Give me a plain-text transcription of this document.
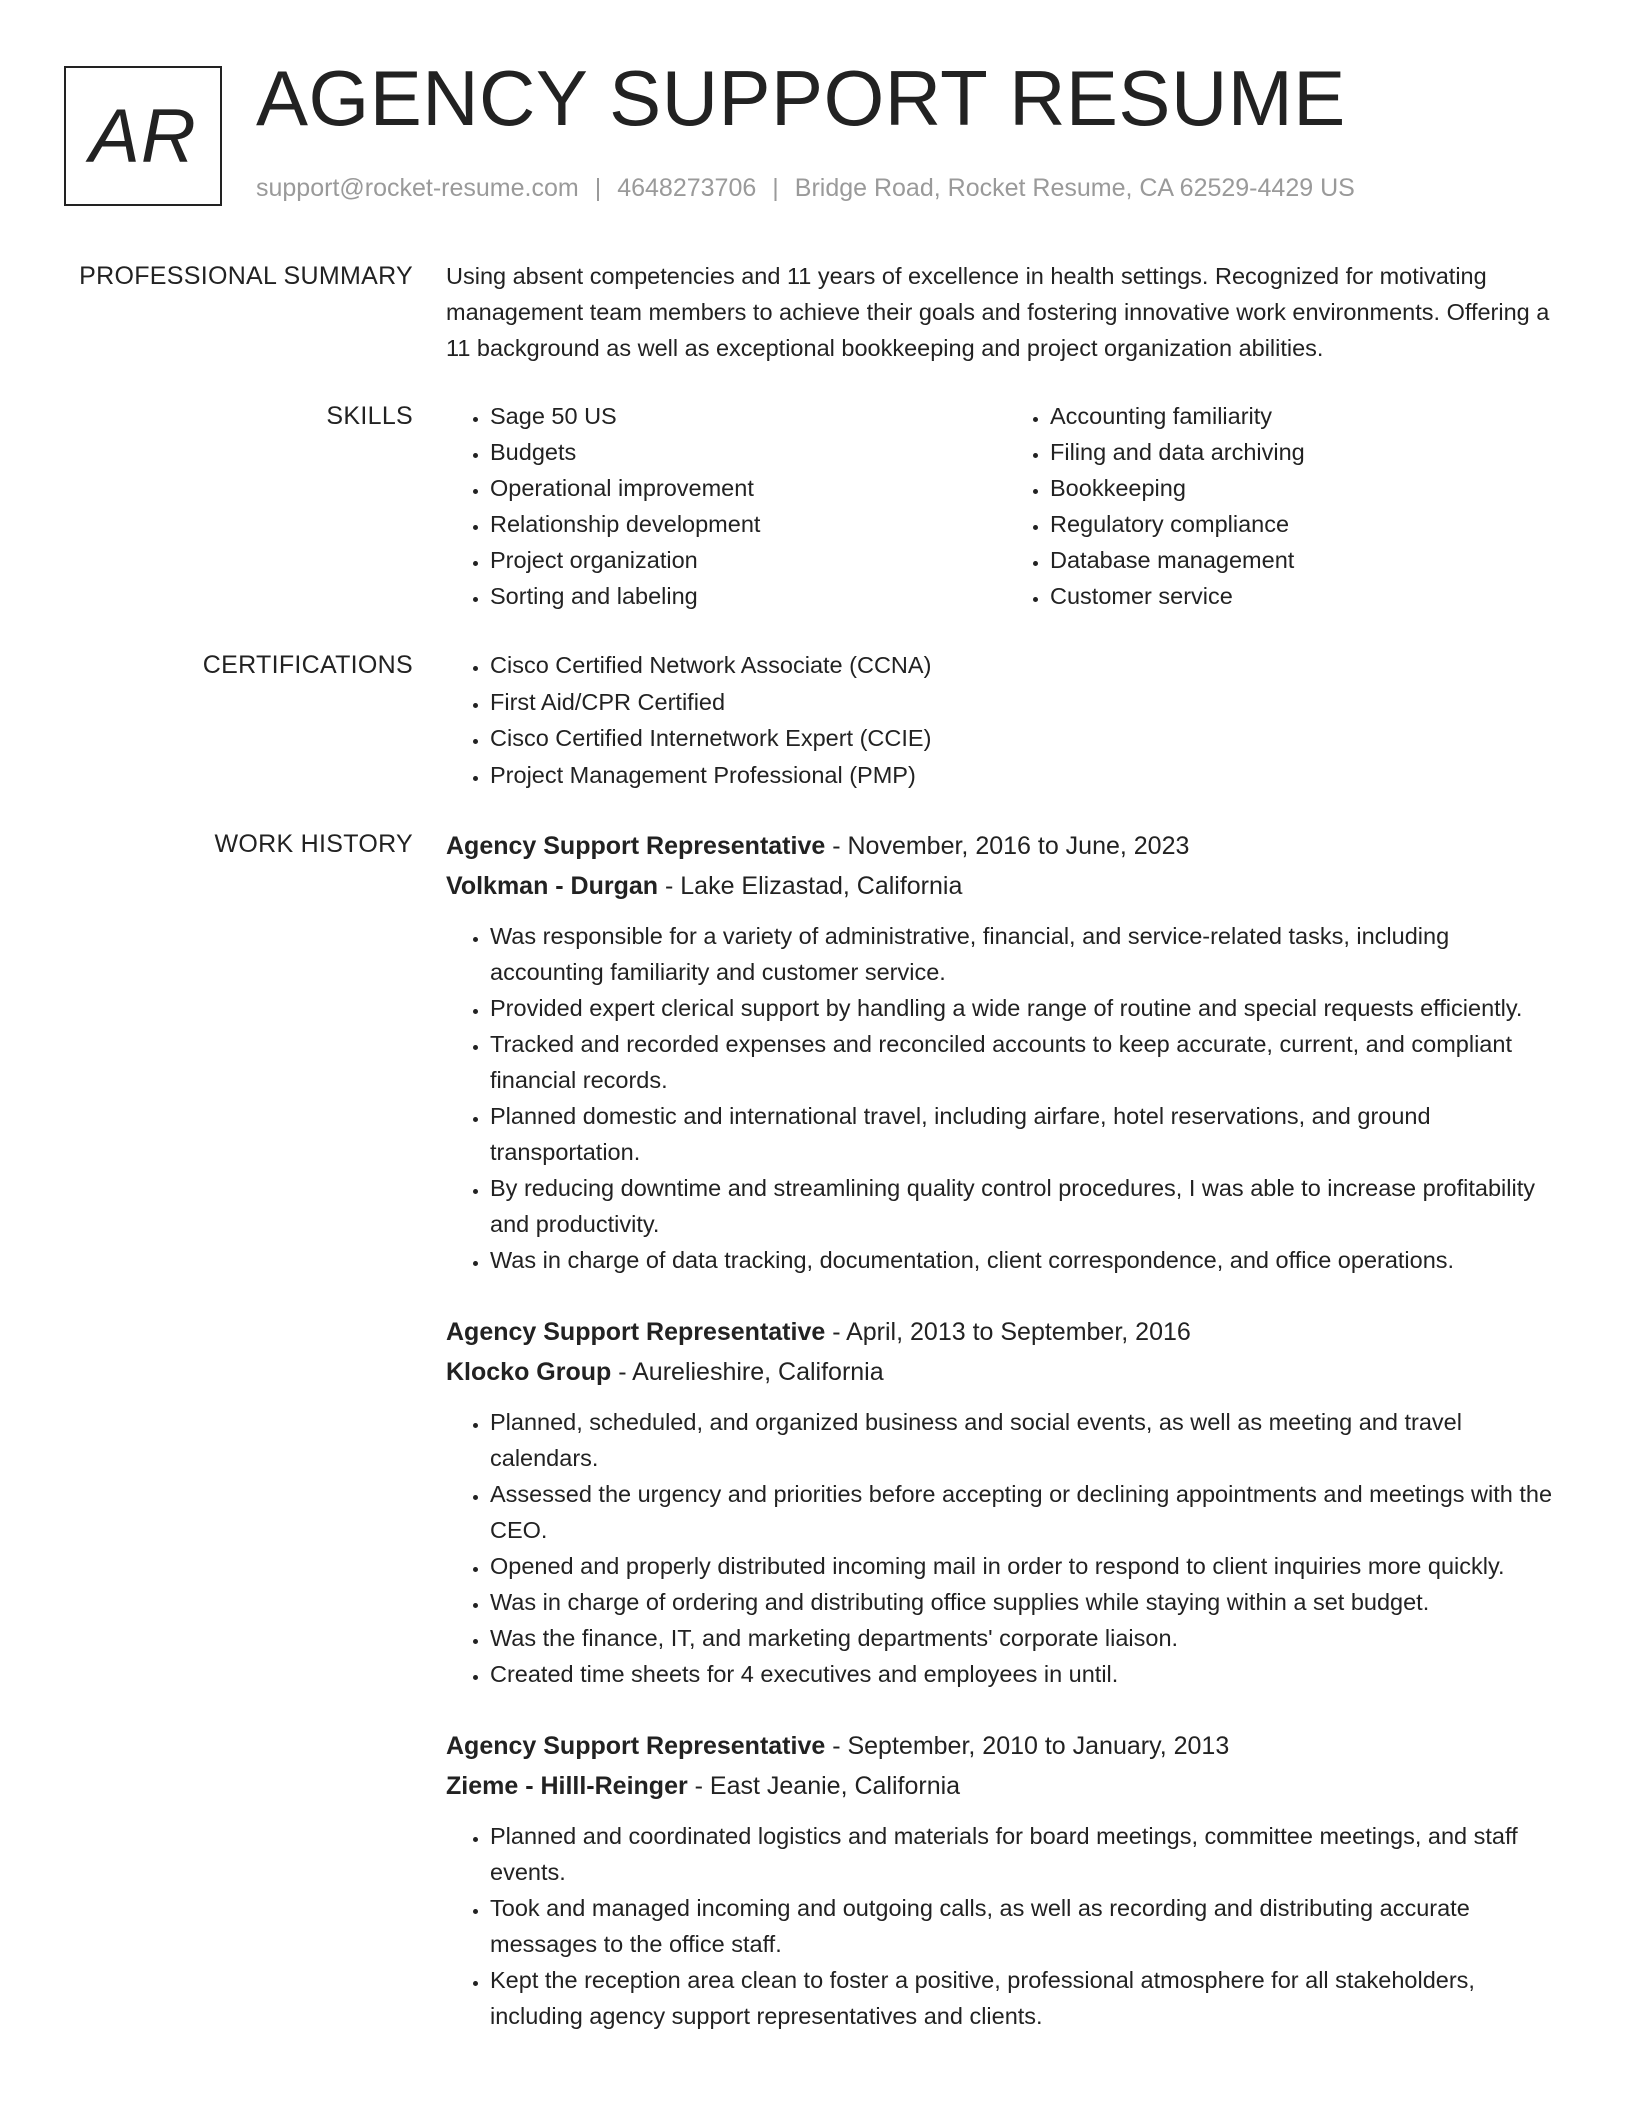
AR AGENCY SUPPORT RESUME
support@rocket-resume.com | 4648273706 | Bridge Road, Rocket Resume, CA 62529-4429 US
PROFESSIONAL SUMMARY Using absent competencies and 11 years of excellence in health settings. Recognized for motivating management team members to achieve their goals and fostering innovative work environments. Offering a 11 background as well as exceptional bookkeeping and project organization abilities.

SKILLS	• Sage 50 US
• Budgets
• Operational improvement
• Relationship development
• Project organization
• Sorting and labeling
• Accounting familiarity
• Filing and data archiving
• Bookkeeping
• Regulatory compliance
• Database management
• Customer service
CERTIFICATIONS	• Cisco Certified Network Associate (CCNA)
• First Aid/CPR Certified
• Cisco Certified Internetwork Expert (CCIE)
• Project Management Professional (PMP)
WORK HISTORY Agency Support Representative - November, 2016 to June, 2023
Volkman - Durgan - Lake Elizastad, California
• Was responsible for a variety of administrative, financial, and service-related tasks, including accounting familiarity and customer service.
• Provided expert clerical support by handling a wide range of routine and special requests efficiently.
• Tracked and recorded expenses and reconciled accounts to keep accurate, current, and compliant financial records.
• Planned domestic and international travel, including airfare, hotel reservations, and ground transportation.
• By reducing downtime and streamlining quality control procedures, I was able to increase profitability and productivity.
• Was in charge of data tracking, documentation, client correspondence, and office operations.
Agency Support Representative - April, 2013 to September, 2016
Klocko Group - Aurelieshire, California
• Planned, scheduled, and organized business and social events, as well as meeting and travel calendars.
• Assessed the urgency and priorities before accepting or declining appointments and meetings with the CEO.
• Opened and properly distributed incoming mail in order to respond to client inquiries more quickly.
• Was in charge of ordering and distributing office supplies while staying within a set budget.
• Was the finance, IT, and marketing departments' corporate liaison.
• Created time sheets for 4 executives and employees in until.
Agency Support Representative - September, 2010 to January, 2013
Zieme - Hilll-Reinger - East Jeanie, California
• Planned and coordinated logistics and materials for board meetings, committee meetings, and staff events.
• Took and managed incoming and outgoing calls, as well as recording and distributing accurate messages to the office staff.
• Kept the reception area clean to foster a positive, professional atmosphere for all stakeholders, including agency support representatives and clients.
